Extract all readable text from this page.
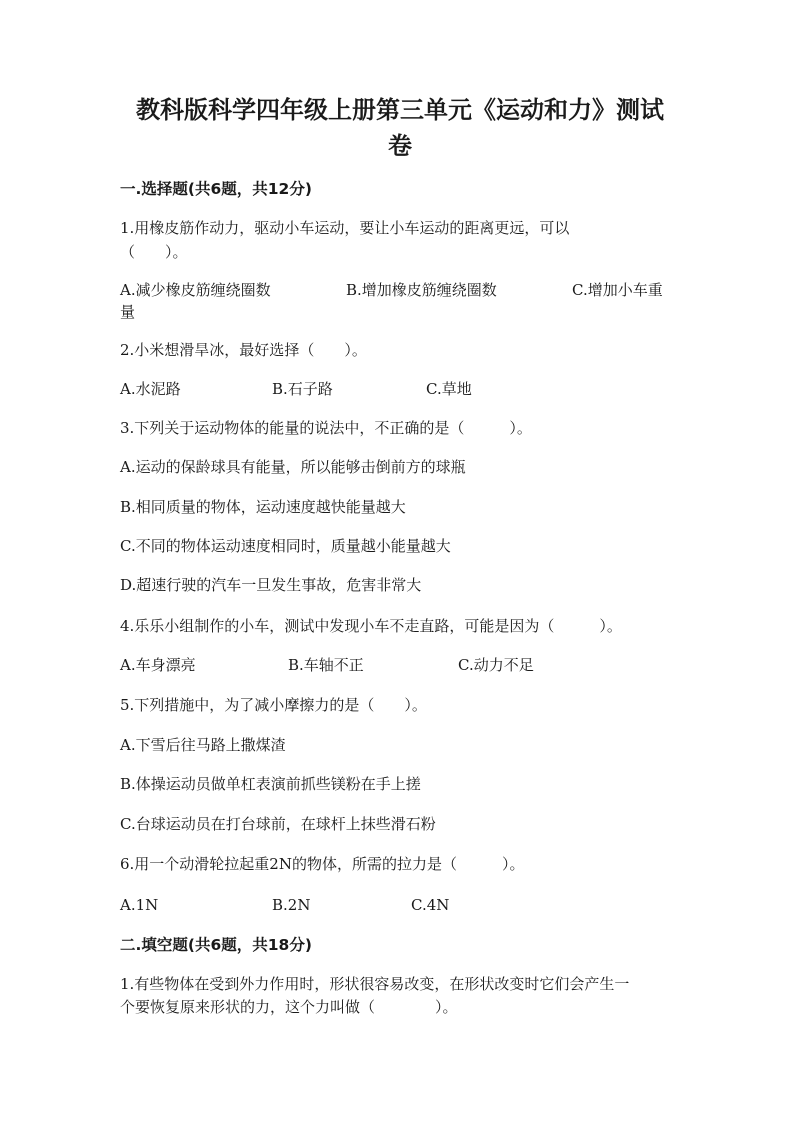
教科版科学四年级上册第三单元《运动和力》测试
卷
一.选择题(共6题，共12分)
1.用橡皮筋作动力，驱动小车运动，要让小车运动的距离更远，可以
（　　）。
A.减少橡皮筋缠绕圈数	B.增加橡皮筋缠绕圈数	C.增加小车重
量
2.小米想滑旱冰，最好选择（　　）。
A.水泥路	B.石子路	C.草地
3.下列关于运动物体的能量的说法中，不正确的是（　　　）。
A.运动的保龄球具有能量，所以能够击倒前方的球瓶
B.相同质量的物体，运动速度越快能量越大
C.不同的物体运动速度相同时，质量越小能量越大
D.超速行驶的汽车一旦发生事故，危害非常大
4.乐乐小组制作的小车，测试中发现小车不走直路，可能是因为（　　　）。
A.车身漂亮	B.车轴不正	C.动力不足
5.下列措施中，为了减小摩擦力的是（　　）。
A.下雪后往马路上撒煤渣
B.体操运动员做单杠表演前抓些镁粉在手上搓
C.台球运动员在打台球前，在球杆上抹些滑石粉
6.用一个动滑轮拉起重2N的物体，所需的拉力是（　　　）。
A.1N	B.2N	C.4N
二.填空题(共6题，共18分)
1.有些物体在受到外力作用时，形状很容易改变，在形状改变时它们会产生一
个要恢复原来形状的力，这个力叫做（　　　　）。
